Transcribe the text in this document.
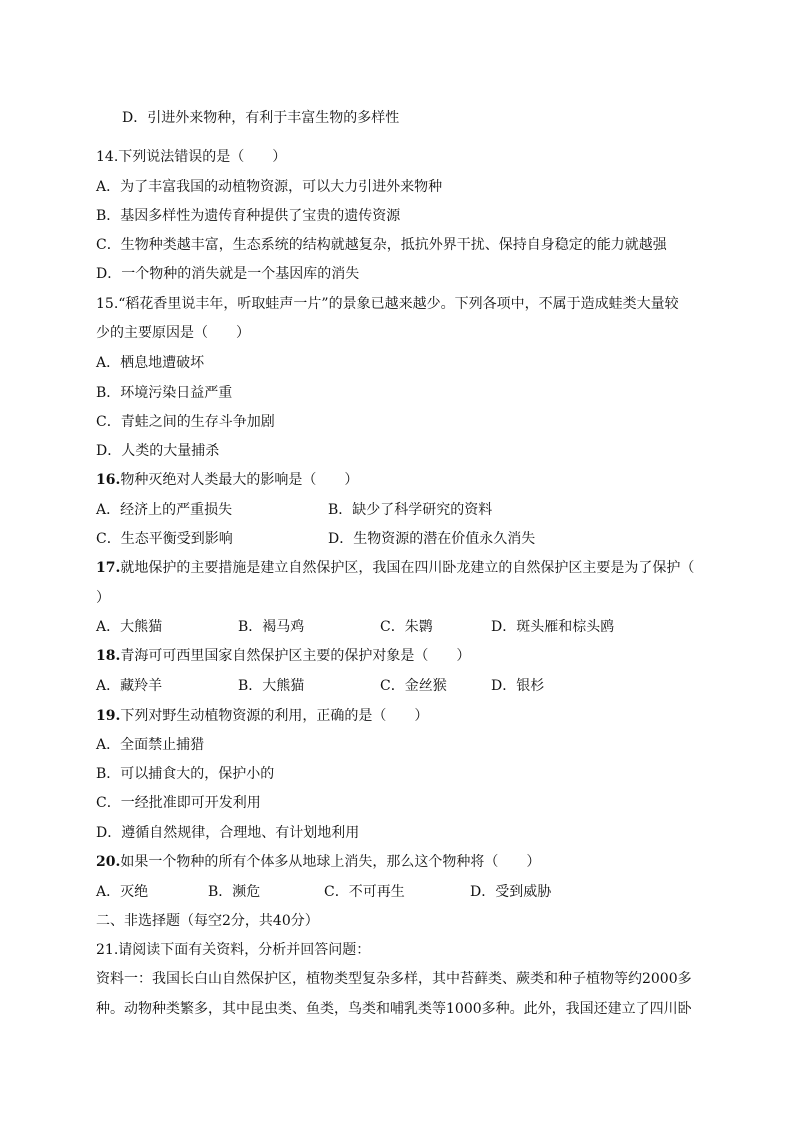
D．引进外来物种，有利于丰富生物的多样性
14.下列说法错误的是（　　）
A．为了丰富我国的动植物资源，可以大力引进外来物种
B．基因多样性为遗传育种提供了宝贵的遗传资源
C．生物种类越丰富，生态系统的结构就越复杂，抵抗外界干扰、保持自身稳定的能力就越强
D．一个物种的消失就是一个基因库的消失
15.“稻花香里说丰年，听取蛙声一片”的景象已越来越少。下列各项中，不属于造成蛙类大量较
少的主要原因是（　　）
A．栖息地遭破坏
B．环境污染日益严重
C．青蛙之间的生存斗争加剧
D．人类的大量捕杀
16.物种灭绝对人类最大的影响是（　　）
A．经济上的严重损失	B．缺少了科学研究的资料
C．生态平衡受到影响	D．生物资源的潜在价值永久消失
17.就地保护的主要措施是建立自然保护区，我国在四川卧龙建立的自然保护区主要是为了保护（
）
A．大熊猫	B．褐马鸡	C．朱鹮	D．斑头雁和棕头鸥
18.青海可可西里国家自然保护区主要的保护对象是（　　）
A．藏羚羊	B．大熊猫	C．金丝猴	D．银杉
19.下列对野生动植物资源的利用，正确的是（　　）
A．全面禁止捕猎
B．可以捕食大的，保护小的
C．一经批准即可开发利用
D．遵循自然规律，合理地、有计划地利用
20.如果一个物种的所有个体多从地球上消失，那么这个物种将（　　）
A．灭绝	B．濒危	C．不可再生	D．受到威胁
二、非选择题（每空2分，共40分）
21.请阅读下面有关资料，分析并回答问题：
资料一：我国长白山自然保护区，植物类型复杂多样，其中苔藓类、蕨类和种子植物等约2000多
种。动物种类繁多，其中昆虫类、鱼类，鸟类和哺乳类等1000多种。此外，我国还建立了四川卧
